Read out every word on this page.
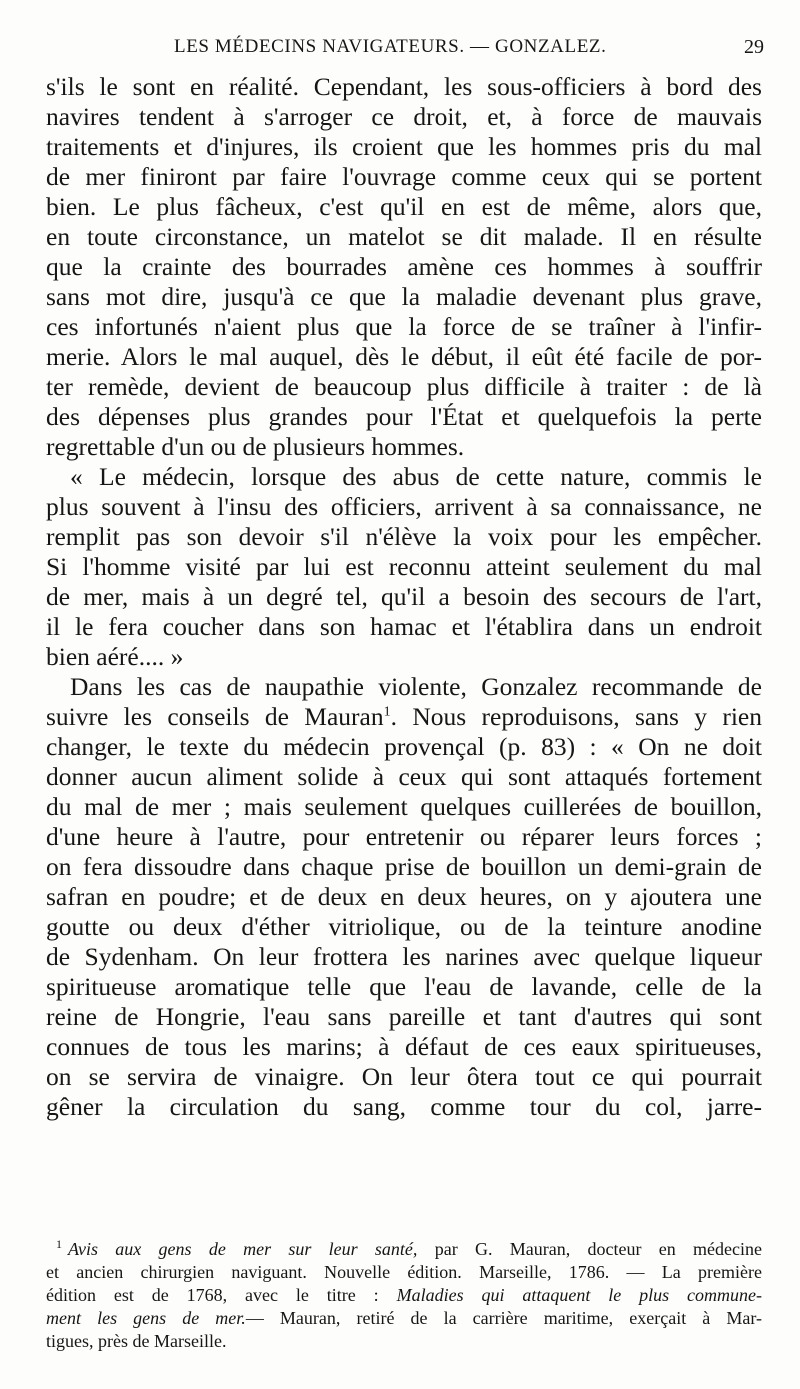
LES MÉDECINS NAVIGATEURS. — GONZALEZ.	29
s'ils le sont en réalité. Cependant, les sous-officiers à bord des
navires tendent à s'arroger ce droit, et, à force de mauvais
traitements et d'injures, ils croient que les hommes pris du mal
de mer finiront par faire l'ouvrage comme ceux qui se portent
bien. Le plus fâcheux, c'est qu'il en est de même, alors que,
en toute circonstance, un matelot se dit malade. Il en résulte
que la crainte des bourrades amène ces hommes à souffrir
sans mot dire, jusqu'à ce que la maladie devenant plus grave,
ces infortunés n'aient plus que la force de se traîner à l'infir-
merie. Alors le mal auquel, dès le début, il eût été facile de por-
ter remède, devient de beaucoup plus difficile à traiter : de là
des dépenses plus grandes pour l'État et quelquefois la perte
regrettable d'un ou de plusieurs hommes.
« Le médecin, lorsque des abus de cette nature, commis le
plus souvent à l'insu des officiers, arrivent à sa connaissance, ne
remplit pas son devoir s'il n'élève la voix pour les empêcher.
Si l'homme visité par lui est reconnu atteint seulement du mal
de mer, mais à un degré tel, qu'il a besoin des secours de l'art,
il le fera coucher dans son hamac et l'établira dans un endroit
bien aéré.... »
Dans les cas de naupathie violente, Gonzalez recommande de
suivre les conseils de Mauran$^1$. Nous reproduisons, sans y rien
changer, le texte du médecin provençal (p. 83) : « On ne doit
donner aucun aliment solide à ceux qui sont attaqués fortement
du mal de mer ; mais seulement quelques cuillerées de bouillon,
d'une heure à l'autre, pour entretenir ou réparer leurs forces ;
on fera dissoudre dans chaque prise de bouillon un demi-grain de
safran en poudre; et de deux en deux heures, on y ajoutera une
goutte ou deux d'éther vitriolique, ou de la teinture anodine
de Sydenham. On leur frottera les narines avec quelque liqueur
spiritueuse aromatique telle que l'eau de lavande, celle de la
reine de Hongrie, l'eau sans pareille et tant d'autres qui sont
connues de tous les marins; à défaut de ces eaux spiritueuses,
on se servira de vinaigre. On leur ôtera tout ce qui pourrait
gêner la circulation du sang, comme tour du col, jarre-
$^1$ Avis aux gens de mer sur leur santé, par G. Mauran, docteur en médecine
et ancien chirurgien naviguant. Nouvelle édition. Marseille, 1786. — La première
édition est de 1768, avec le titre : Maladies qui attaquent le plus commune-
ment les gens de mer.— Mauran, retiré de la carrière maritime, exerçait à Mar-
tigues, près de Marseille.
